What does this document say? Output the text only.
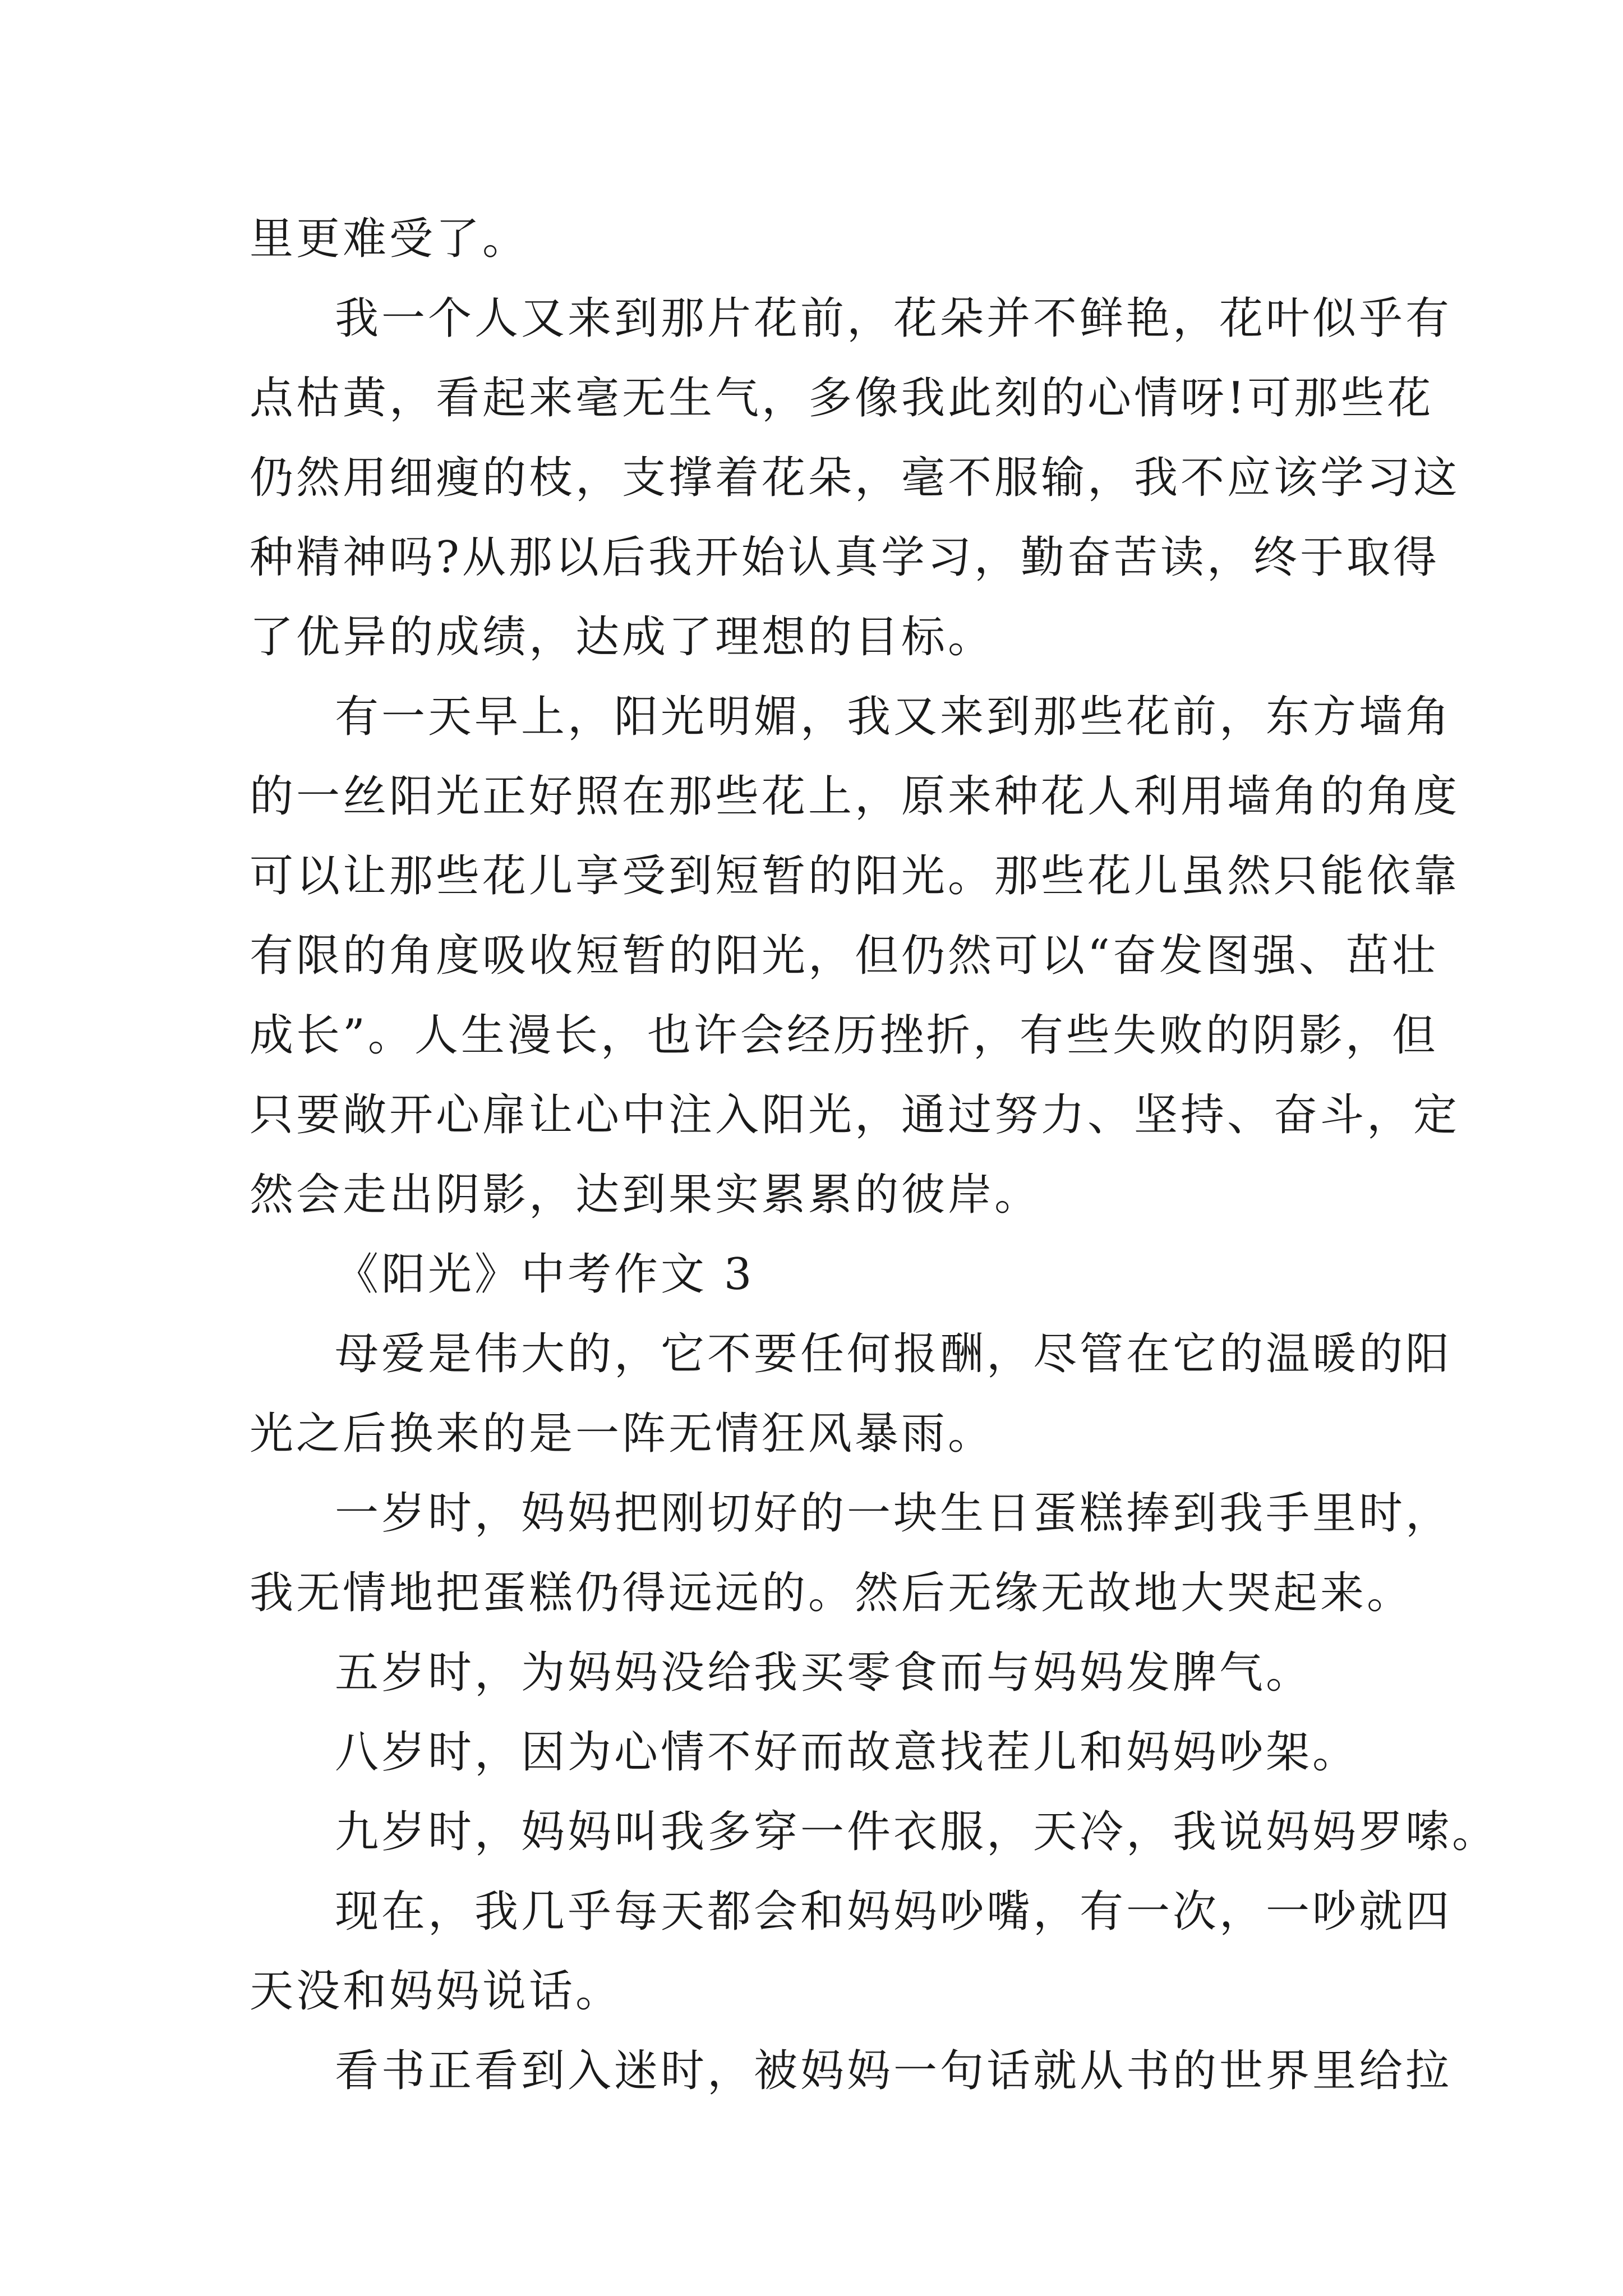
里更难受了。
我一个人又来到那片花前，花朵并不鲜艳，花叶似乎有
点枯黄，看起来毫无生气，多像我此刻的心情呀!可那些花
仍然用细瘦的枝，支撑着花朵，毫不服输，我不应该学习这
种精神吗?从那以后我开始认真学习，勤奋苦读，终于取得
了优异的成绩，达成了理想的目标。
有一天早上，阳光明媚，我又来到那些花前，东方墙角
的一丝阳光正好照在那些花上，原来种花人利用墙角的角度
可以让那些花儿享受到短暂的阳光。那些花儿虽然只能依靠
有限的角度吸收短暂的阳光，但仍然可以“奋发图强、茁壮
成长”。人生漫长，也许会经历挫折，有些失败的阴影，但
只要敞开心扉让心中注入阳光，通过努力、坚持、奋斗，定
然会走出阴影，达到果实累累的彼岸。
《阳光》中考作文 3
母爱是伟大的，它不要任何报酬，尽管在它的温暖的阳
光之后换来的是一阵无情狂风暴雨。
一岁时，妈妈把刚切好的一块生日蛋糕捧到我手里时，
我无情地把蛋糕仍得远远的。然后无缘无故地大哭起来。
五岁时，为妈妈没给我买零食而与妈妈发脾气。
八岁时，因为心情不好而故意找茬儿和妈妈吵架。
九岁时，妈妈叫我多穿一件衣服，天冷，我说妈妈罗嗦。
现在，我几乎每天都会和妈妈吵嘴，有一次，一吵就四
天没和妈妈说话。
看书正看到入迷时，被妈妈一句话就从书的世界里给拉
